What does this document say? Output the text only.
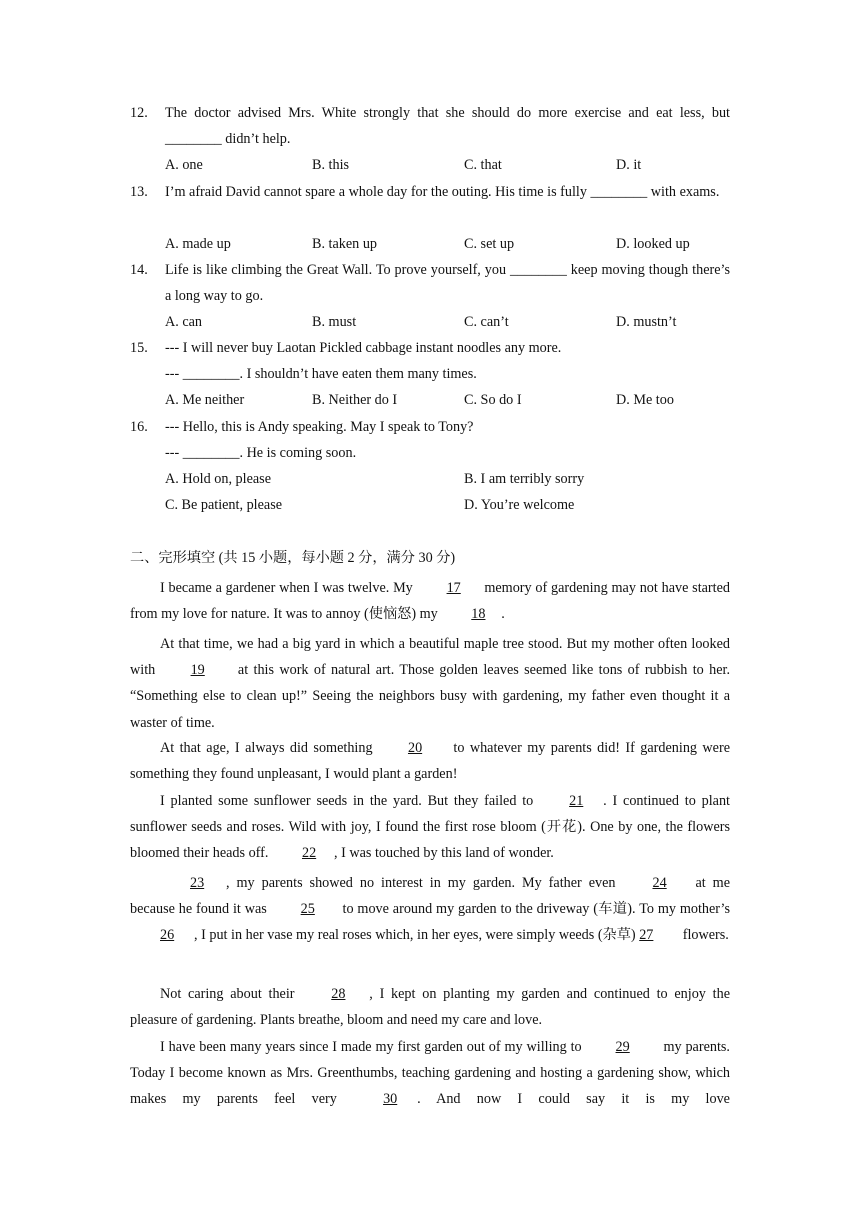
12. The doctor advised Mrs. White strongly that she should do more exercise and eat less, but ________ didn’t help.
A. one	B. this	C. that	D. it
13. I’m afraid David cannot spare a whole day for the outing. His time is fully ________ with exams.
A. made up	B. taken up	C. set up	D. looked up
14. Life is like climbing the Great Wall. To prove yourself, you ________ keep moving though there’s a long way to go.
A. can	B. must	C. can’t	D. mustn’t
15. --- I will never buy Laotan Pickled cabbage instant noodles any more.
--- ________. I shouldn’t have eaten them many times.
A. Me neither	B. Neither do I	C. So do I	D. Me too
16. --- Hello, this is Andy speaking. May I speak to Tony?
--- ________. He is coming soon.
A. Hold on, please	B. I am terribly sorry
C. Be patient, please	D. You’re welcome
二、完形填空 (共 15 小题，每小题 2 分，满分 30 分)
I became a gardener when I was twelve. My 17 memory of gardening may not have started from my love for nature. It was to annoy (使恼怒) my 18 .
At that time, we had a big yard in which a beautiful maple tree stood. But my mother often looked with 19 at this work of natural art. Those golden leaves seemed like tons of rubbish to her. “Something else to clean up!” Seeing the neighbors busy with gardening, my father even thought it a waster of time.
At that age, I always did something 20 to whatever my parents did! If gardening were something they found unpleasant, I would plant a garden!
I planted some sunflower seeds in the yard. But they failed to 21 . I continued to plant sunflower seeds and roses. Wild with joy, I found the first rose bloom (开花). One by one, the flowers bloomed their heads off. 22 , I was touched by this land of wonder.
23 , my parents showed no interest in my garden. My father even 24 at me because he found it was 25 to move around my garden to the driveway (车道). To my mother’s 26 , I put in her vase my real roses which, in her eyes, were simply weeds (杂草) 27 flowers.
Not caring about their 28 , I kept on planting my garden and continued to enjoy the pleasure of gardening. Plants breathe, bloom and need my care and love.
I have been many years since I made my first garden out of my willing to 29 my parents. Today I become known as Mrs. Greenthumbs, teaching gardening and hosting a gardening show, which makes my parents feel very 30 . And now I could say it is my love
